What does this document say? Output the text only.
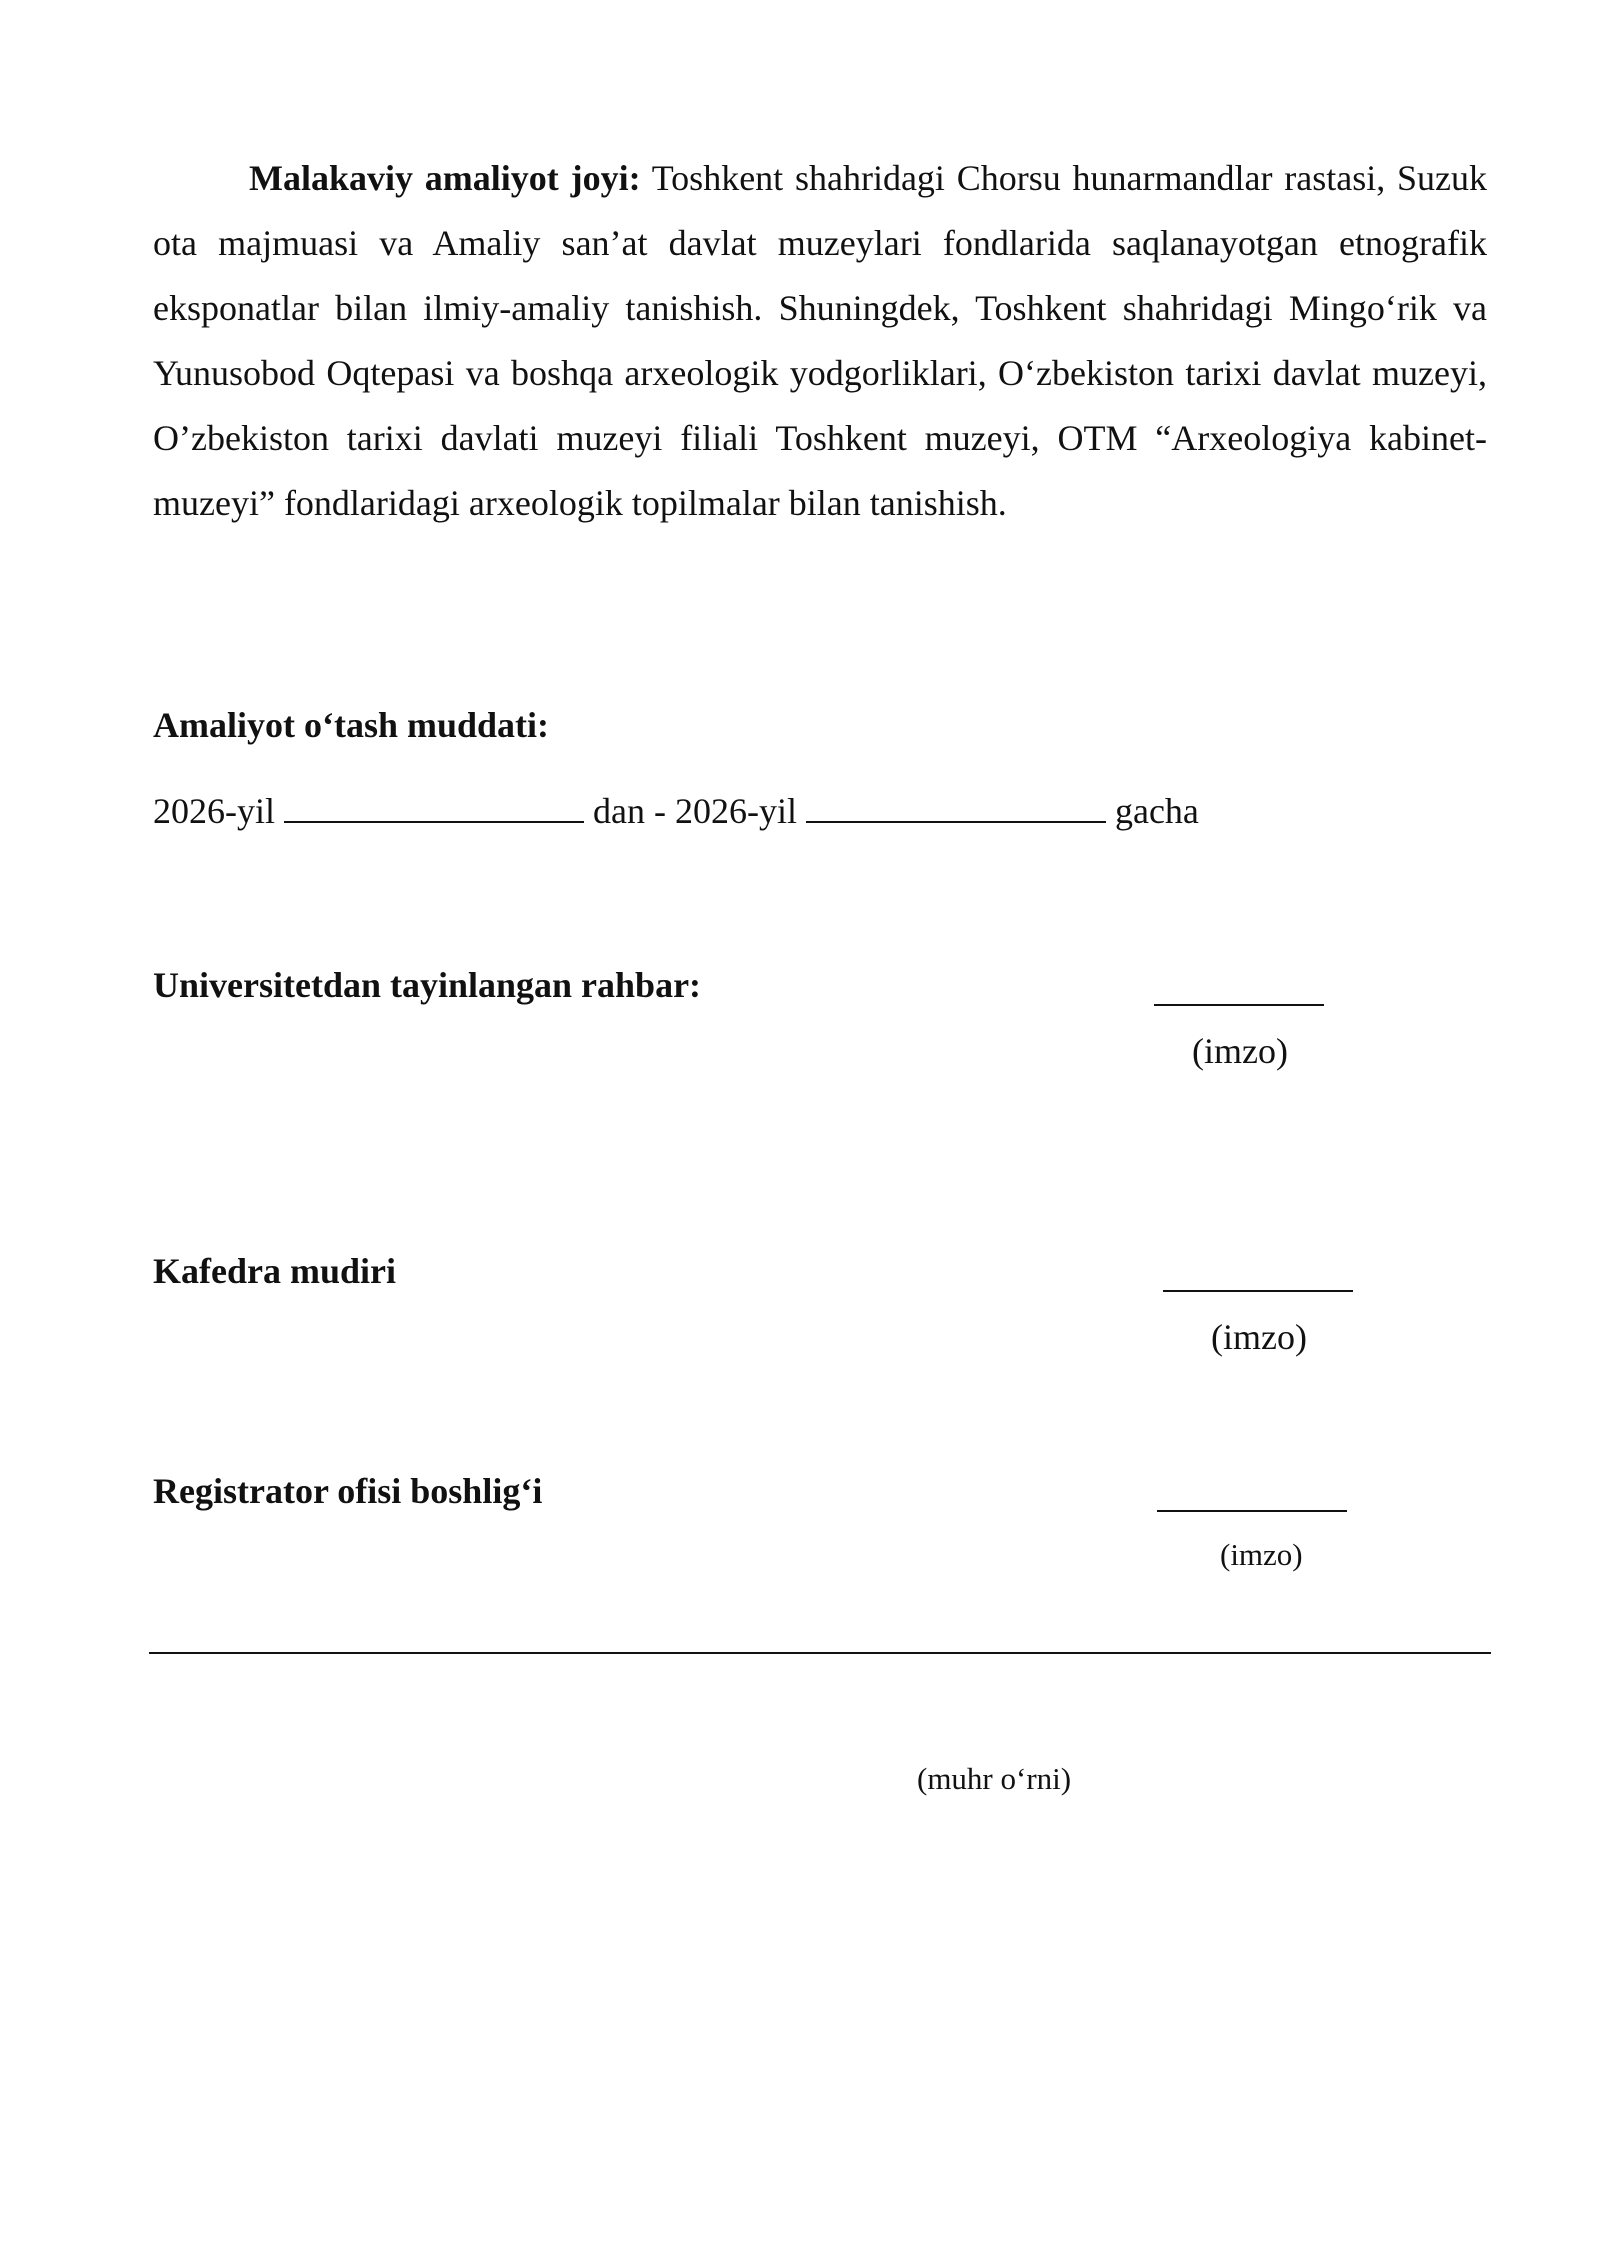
Malakaviy amaliyot joyi: Toshkent shahridagi Chorsu hunarmandlar rastasi, Suzuk ota majmuasi va Amaliy san’at davlat muzeylari fondlarida saqlanayotgan etnografik eksponatlar bilan ilmiy-amaliy tanishish. Shuningdek, Toshkent shahridagi Mingo‘rik va Yunusobod Oqtepasi va boshqa arxeologik yodgorliklari, O‘zbekiston tarixi davlat muzeyi, O’zbekiston tarixi davlati muzeyi filiali Toshkent muzeyi, OTM “Arxeologiya kabinet-muzeyi” fondlaridagi arxeologik topilmalar bilan tanishish.

Amaliyot o‘tash muddati:
2026-yil	dan - 2026-yil	gacha
Universitetdan tayinlangan rahbar:
(imzo)
Kafedra mudiri
(imzo)
Registrator ofisi boshlig‘i
(imzo)
(muhr o‘rni)
